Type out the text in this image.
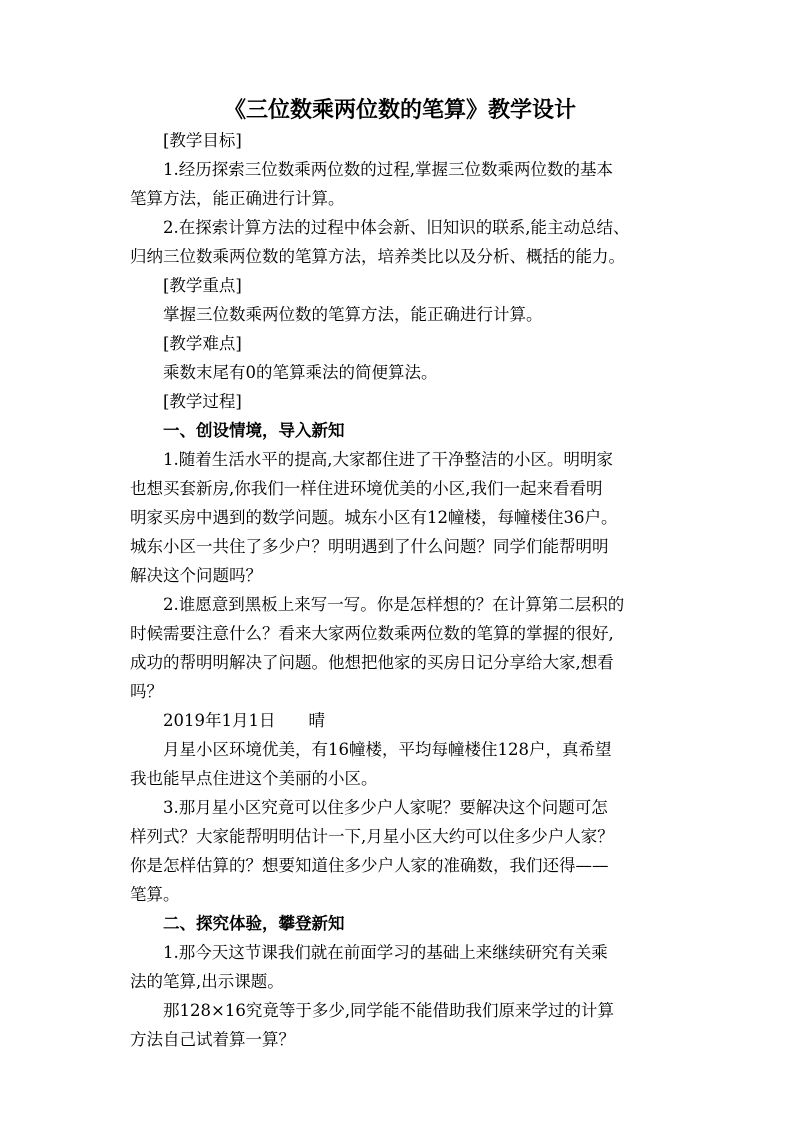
《三位数乘两位数的笔算》教学设计

[教学目标]

1.经历探索三位数乘两位数的过程,掌握三位数乘两位数的基本

笔算方法，能正确进行计算。

2.在探索计算方法的过程中体会新、旧知识的联系,能主动总结、

归纳三位数乘两位数的笔算方法，培养类比以及分析、概括的能力。

[教学重点]

掌握三位数乘两位数的笔算方法，能正确进行计算。

[教学难点]

乘数末尾有0的笔算乘法的简便算法。

[教学过程]

一、创设情境，导入新知

1.随着生活水平的提高,大家都住进了干净整洁的小区。明明家

也想买套新房,你我们一样住进环境优美的小区,我们一起来看看明

明家买房中遇到的数学问题。城东小区有12幢楼，每幢楼住36户。

城东小区一共住了多少户？明明遇到了什么问题？同学们能帮明明

解决这个问题吗？

2.谁愿意到黑板上来写一写。你是怎样想的？在计算第二层积的

时候需要注意什么？看来大家两位数乘两位数的笔算的掌握的很好,

成功的帮明明解决了问题。他想把他家的买房日记分享给大家,想看

吗？

2019年1月1日　　晴

月星小区环境优美，有16幢楼，平均每幢楼住128户，真希望

我也能早点住进这个美丽的小区。

3.那月星小区究竟可以住多少户人家呢？要解决这个问题可怎

样列式？大家能帮明明估计一下,月星小区大约可以住多少户人家？

你是怎样估算的？想要知道住多少户人家的准确数，我们还得——

笔算。

二、探究体验，攀登新知

1.那今天这节课我们就在前面学习的基础上来继续研究有关乘

法的笔算,出示课题。

那128×16究竟等于多少,同学能不能借助我们原来学过的计算

方法自己试着算一算？
